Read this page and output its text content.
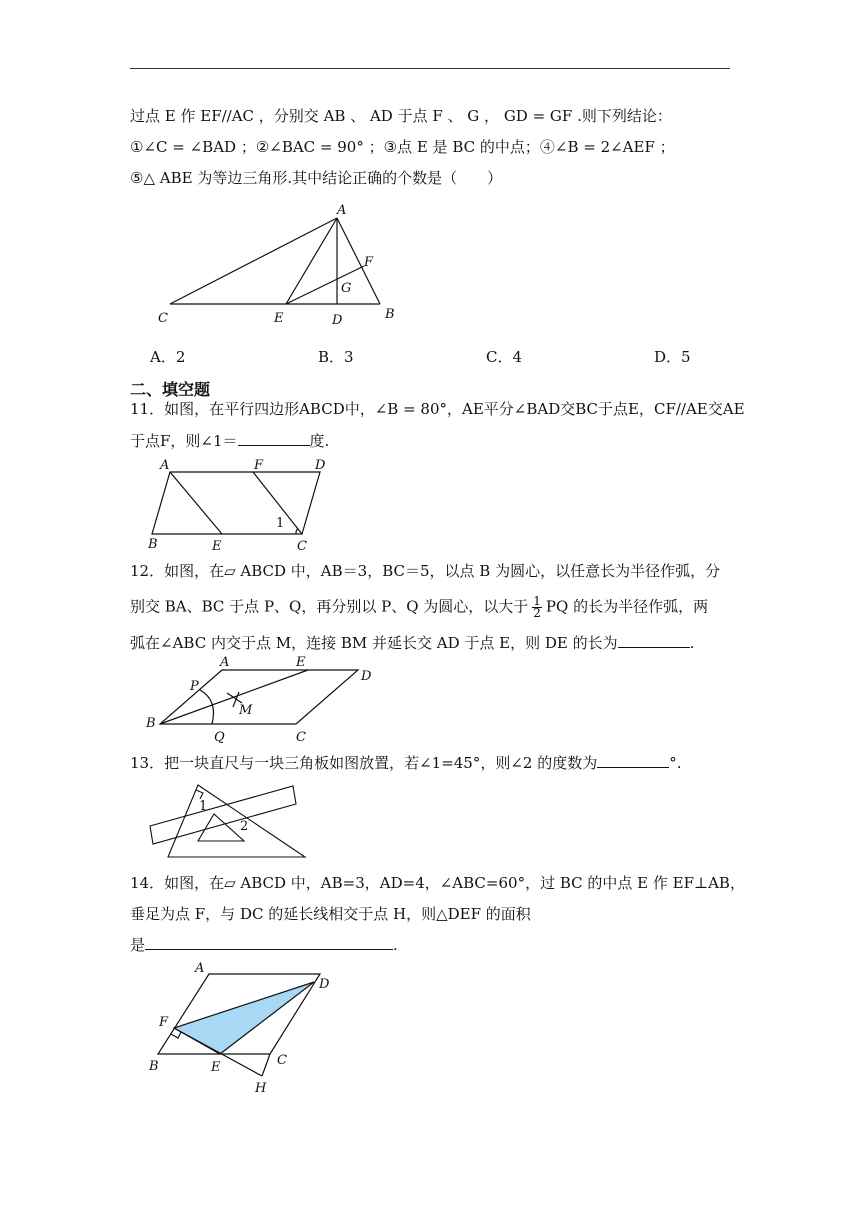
过点 E 作 EF//AC ，分别交 AB 、 AD 于点 F 、 G ， GD = GF .则下列结论：
①∠C = ∠BAD ；②∠BAC = 90° ；③点 E 是 BC 的中点；④∠B = 2∠AEF ；
⑤△ ABE 为等边三角形.其中结论正确的个数是（　　）
A
C	E	D	B
F
G
A．2	B．3	C．4	D．5
二、填空题
11．如图，在平行四边形ABCD中，∠B = 80°，AE平分∠BAD交BC于点E，CF//AE交AE
于点F，则∠1＝	度.
A	F	D
B	E	C
1
12．如图，在▱ ABCD 中，AB＝3，BC＝5，以点 B 为圆心，以任意长为半径作弧，分
别交 BA、BC 于点 P、Q，再分别以 P、Q 为圆心，以大于 $\frac{1}{2}$ PQ 的长为半径作弧，两
弧在∠ABC 内交于点 M，连接 BM 并延长交 AD 于点 E，则 DE 的长为	.
A	E
D
P
M
B
Q	C
13．把一块直尺与一块三角板如图放置，若∠1=45°，则∠2 的度数为	°.
1
2
14．如图，在▱ ABCD 中，AB=3，AD=4，∠ABC=60°，过 BC 的中点 E 作 EF⊥AB，
垂足为点 F，与 DC 的延长线相交于点 H，则△DEF 的面积
是	.
A
D
F
B	E	C
H
